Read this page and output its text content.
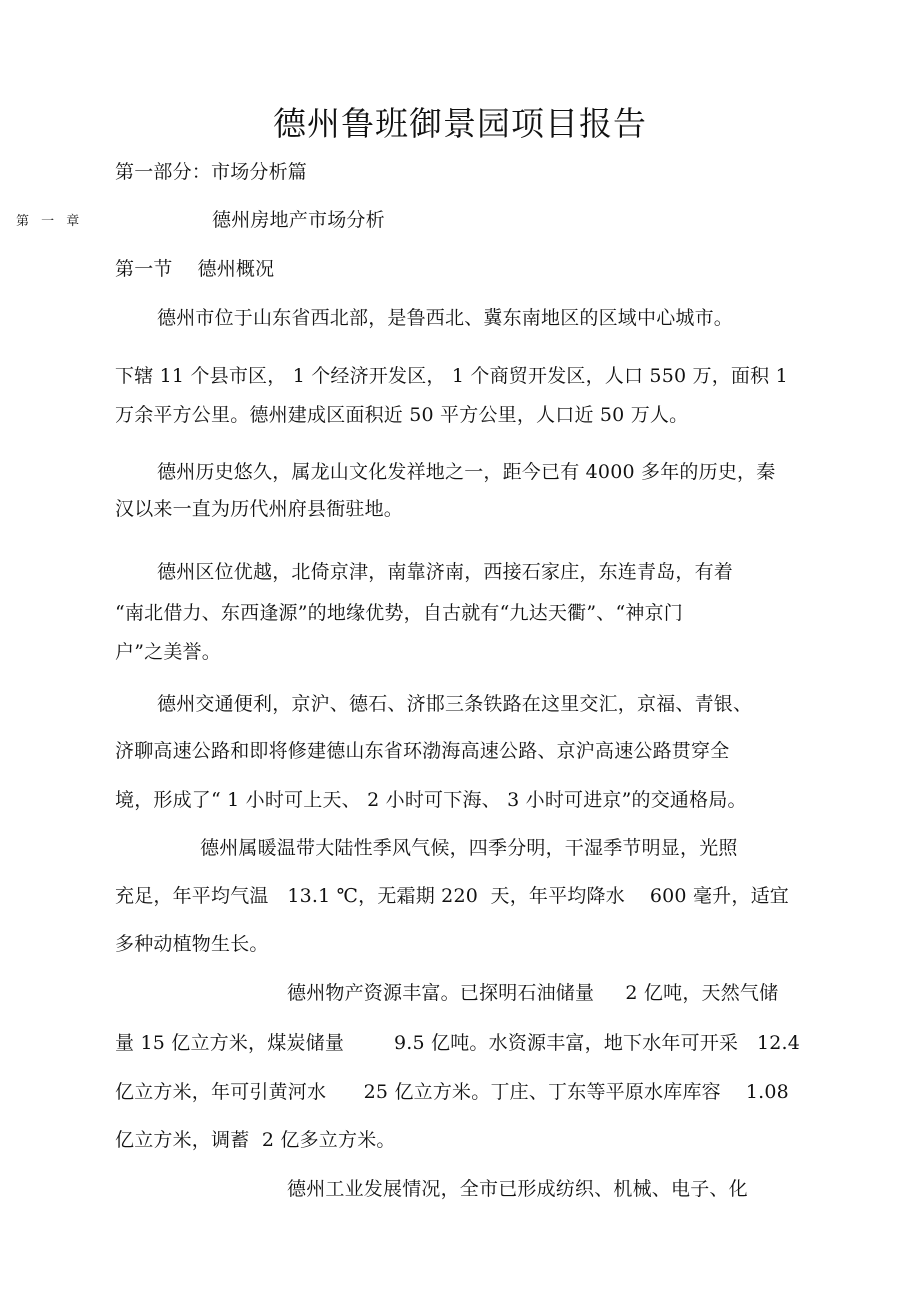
德州鲁班御景园项目报告

第一部分：市场分析篇

第 一 章	德州房地产市场分析

第一节    德州概况

德州市位于山东省西北部，是鲁西北、冀东南地区的区域中心城市。

下辖 11 个县市区， 1 个经济开发区， 1 个商贸开发区，人口 550 万，面积 1

万余平方公里。德州建成区面积近 50 平方公里，人口近 50 万人。

德州历史悠久，属龙山文化发祥地之一，距今已有 4000 多年的历史，秦

汉以来一直为历代州府县衙驻地。

德州区位优越，北倚京津，南靠济南，西接石家庄，东连青岛，有着

“南北借力、东西逢源”的地缘优势，自古就有“九达天衢”、“神京门

户”之美誉。

德州交通便利，京沪、德石、济邯三条铁路在这里交汇，京福、青银、

济聊高速公路和即将修建德山东省环渤海高速公路、京沪高速公路贯穿全

境，形成了“ 1 小时可上天、 2 小时可下海、 3 小时可进京”的交通格局。

德州属暖温带大陆性季风气候，四季分明，干湿季节明显，光照

充足，年平均气温   13.1 ℃，无霜期 220  天，年平均降水    600 毫升，适宜

多种动植物生长。

德州物产资源丰富。已探明石油储量     2 亿吨，天然气储

量 15 亿立方米，煤炭储量        9.5 亿吨。水资源丰富，地下水年可开采   12.4

亿立方米，年可引黄河水      25 亿立方米。丁庄、丁东等平原水库库容    1.08

亿立方米，调蓄  2 亿多立方米。

德州工业发展情况，全市已形成纺织、机械、电子、化
